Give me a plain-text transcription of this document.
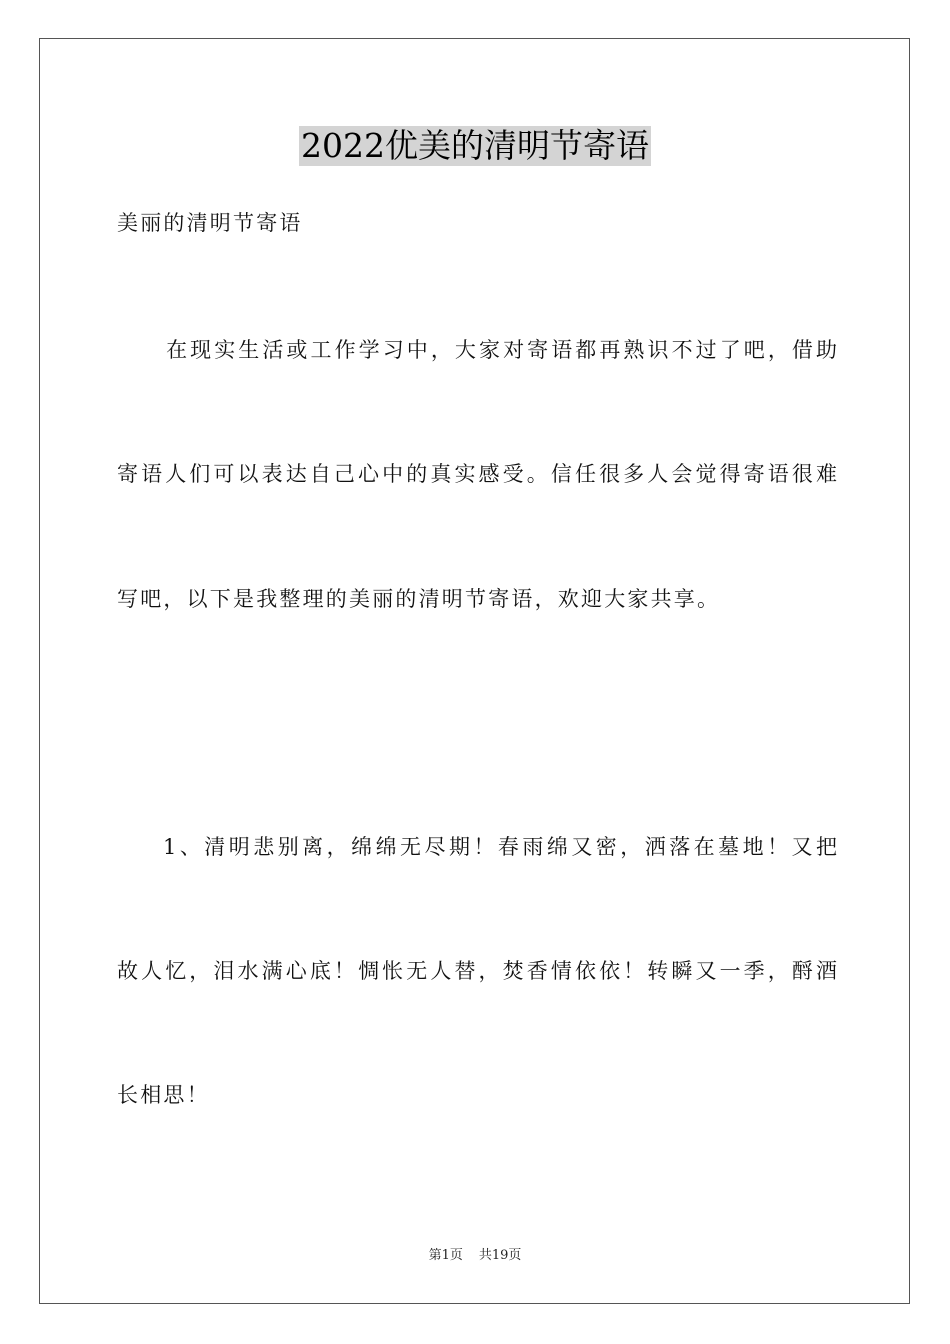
2022优美的清明节寄语
美丽的清明节寄语
在现实生活或工作学习中，大家对寄语都再熟识不过了吧，借助
寄语人们可以表达自己心中的真实感受。信任很多人会觉得寄语很难
写吧，以下是我整理的美丽的清明节寄语，欢迎大家共享。
1、清明悲别离，绵绵无尽期！春雨绵又密，洒落在墓地！又把
故人忆，泪水满心底！惆怅无人替，焚香情依依！转瞬又一季，酹酒
长相思！
第1页 共19页
